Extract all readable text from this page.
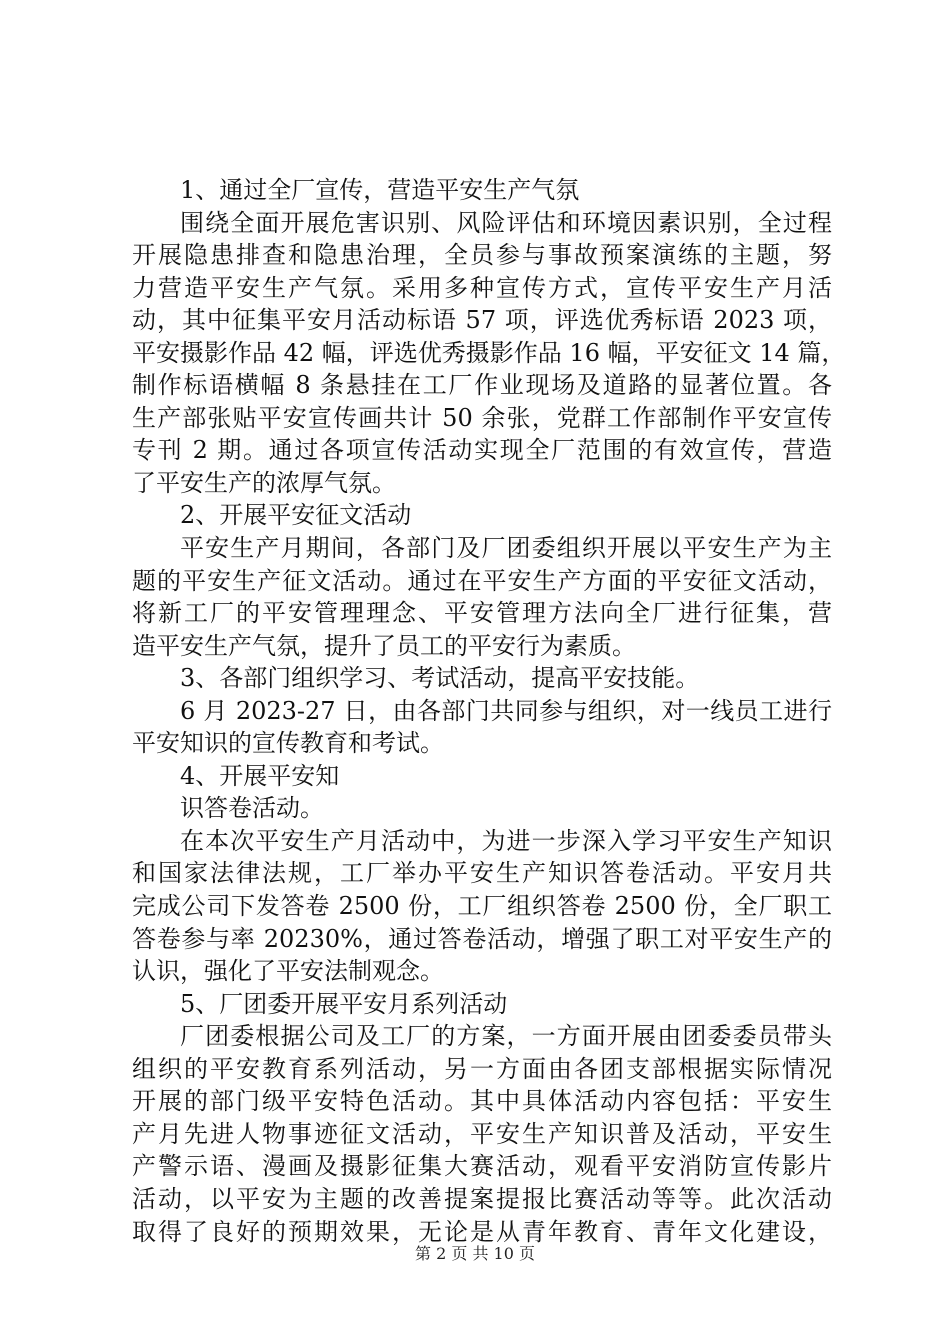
1、通过全厂宣传，营造平安生产气氛
围绕全面开展危害识别、风险评估和环境因素识别，全过程
开展隐患排查和隐患治理，全员参与事故预案演练的主题，努
力营造平安生产气氛。采用多种宣传方式，宣传平安生产月活
动，其中征集平安月活动标语 57 项，评选优秀标语 2023 项，
平安摄影作品 42 幅，评选优秀摄影作品 16 幅，平安征文 14 篇，
制作标语横幅 8 条悬挂在工厂作业现场及道路的显著位置。各
生产部张贴平安宣传画共计 50 余张，党群工作部制作平安宣传
专刊 2 期。通过各项宣传活动实现全厂范围的有效宣传，营造
了平安生产的浓厚气氛。
2、开展平安征文活动
平安生产月期间，各部门及厂团委组织开展以平安生产为主
题的平安生产征文活动。通过在平安生产方面的平安征文活动，
将新工厂的平安管理理念、平安管理方法向全厂进行征集，营
造平安生产气氛，提升了员工的平安行为素质。
3、各部门组织学习、考试活动，提高平安技能。
6 月 2023-27 日，由各部门共同参与组织，对一线员工进行
平安知识的宣传教育和考试。
4、开展平安知
识答卷活动。
在本次平安生产月活动中，为进一步深入学习平安生产知识
和国家法律法规，工厂举办平安生产知识答卷活动。平安月共
完成公司下发答卷 2500 份，工厂组织答卷 2500 份，全厂职工
答卷参与率 20230%，通过答卷活动，增强了职工对平安生产的
认识，强化了平安法制观念。
5、厂团委开展平安月系列活动
厂团委根据公司及工厂的方案，一方面开展由团委委员带头
组织的平安教育系列活动，另一方面由各团支部根据实际情况
开展的部门级平安特色活动。其中具体活动内容包括：平安生
产月先进人物事迹征文活动，平安生产知识普及活动，平安生
产警示语、漫画及摄影征集大赛活动，观看平安消防宣传影片
活动，以平安为主题的改善提案提报比赛活动等等。此次活动
取得了良好的预期效果，无论是从青年教育、青年文化建设，
第 2 页 共 10 页
